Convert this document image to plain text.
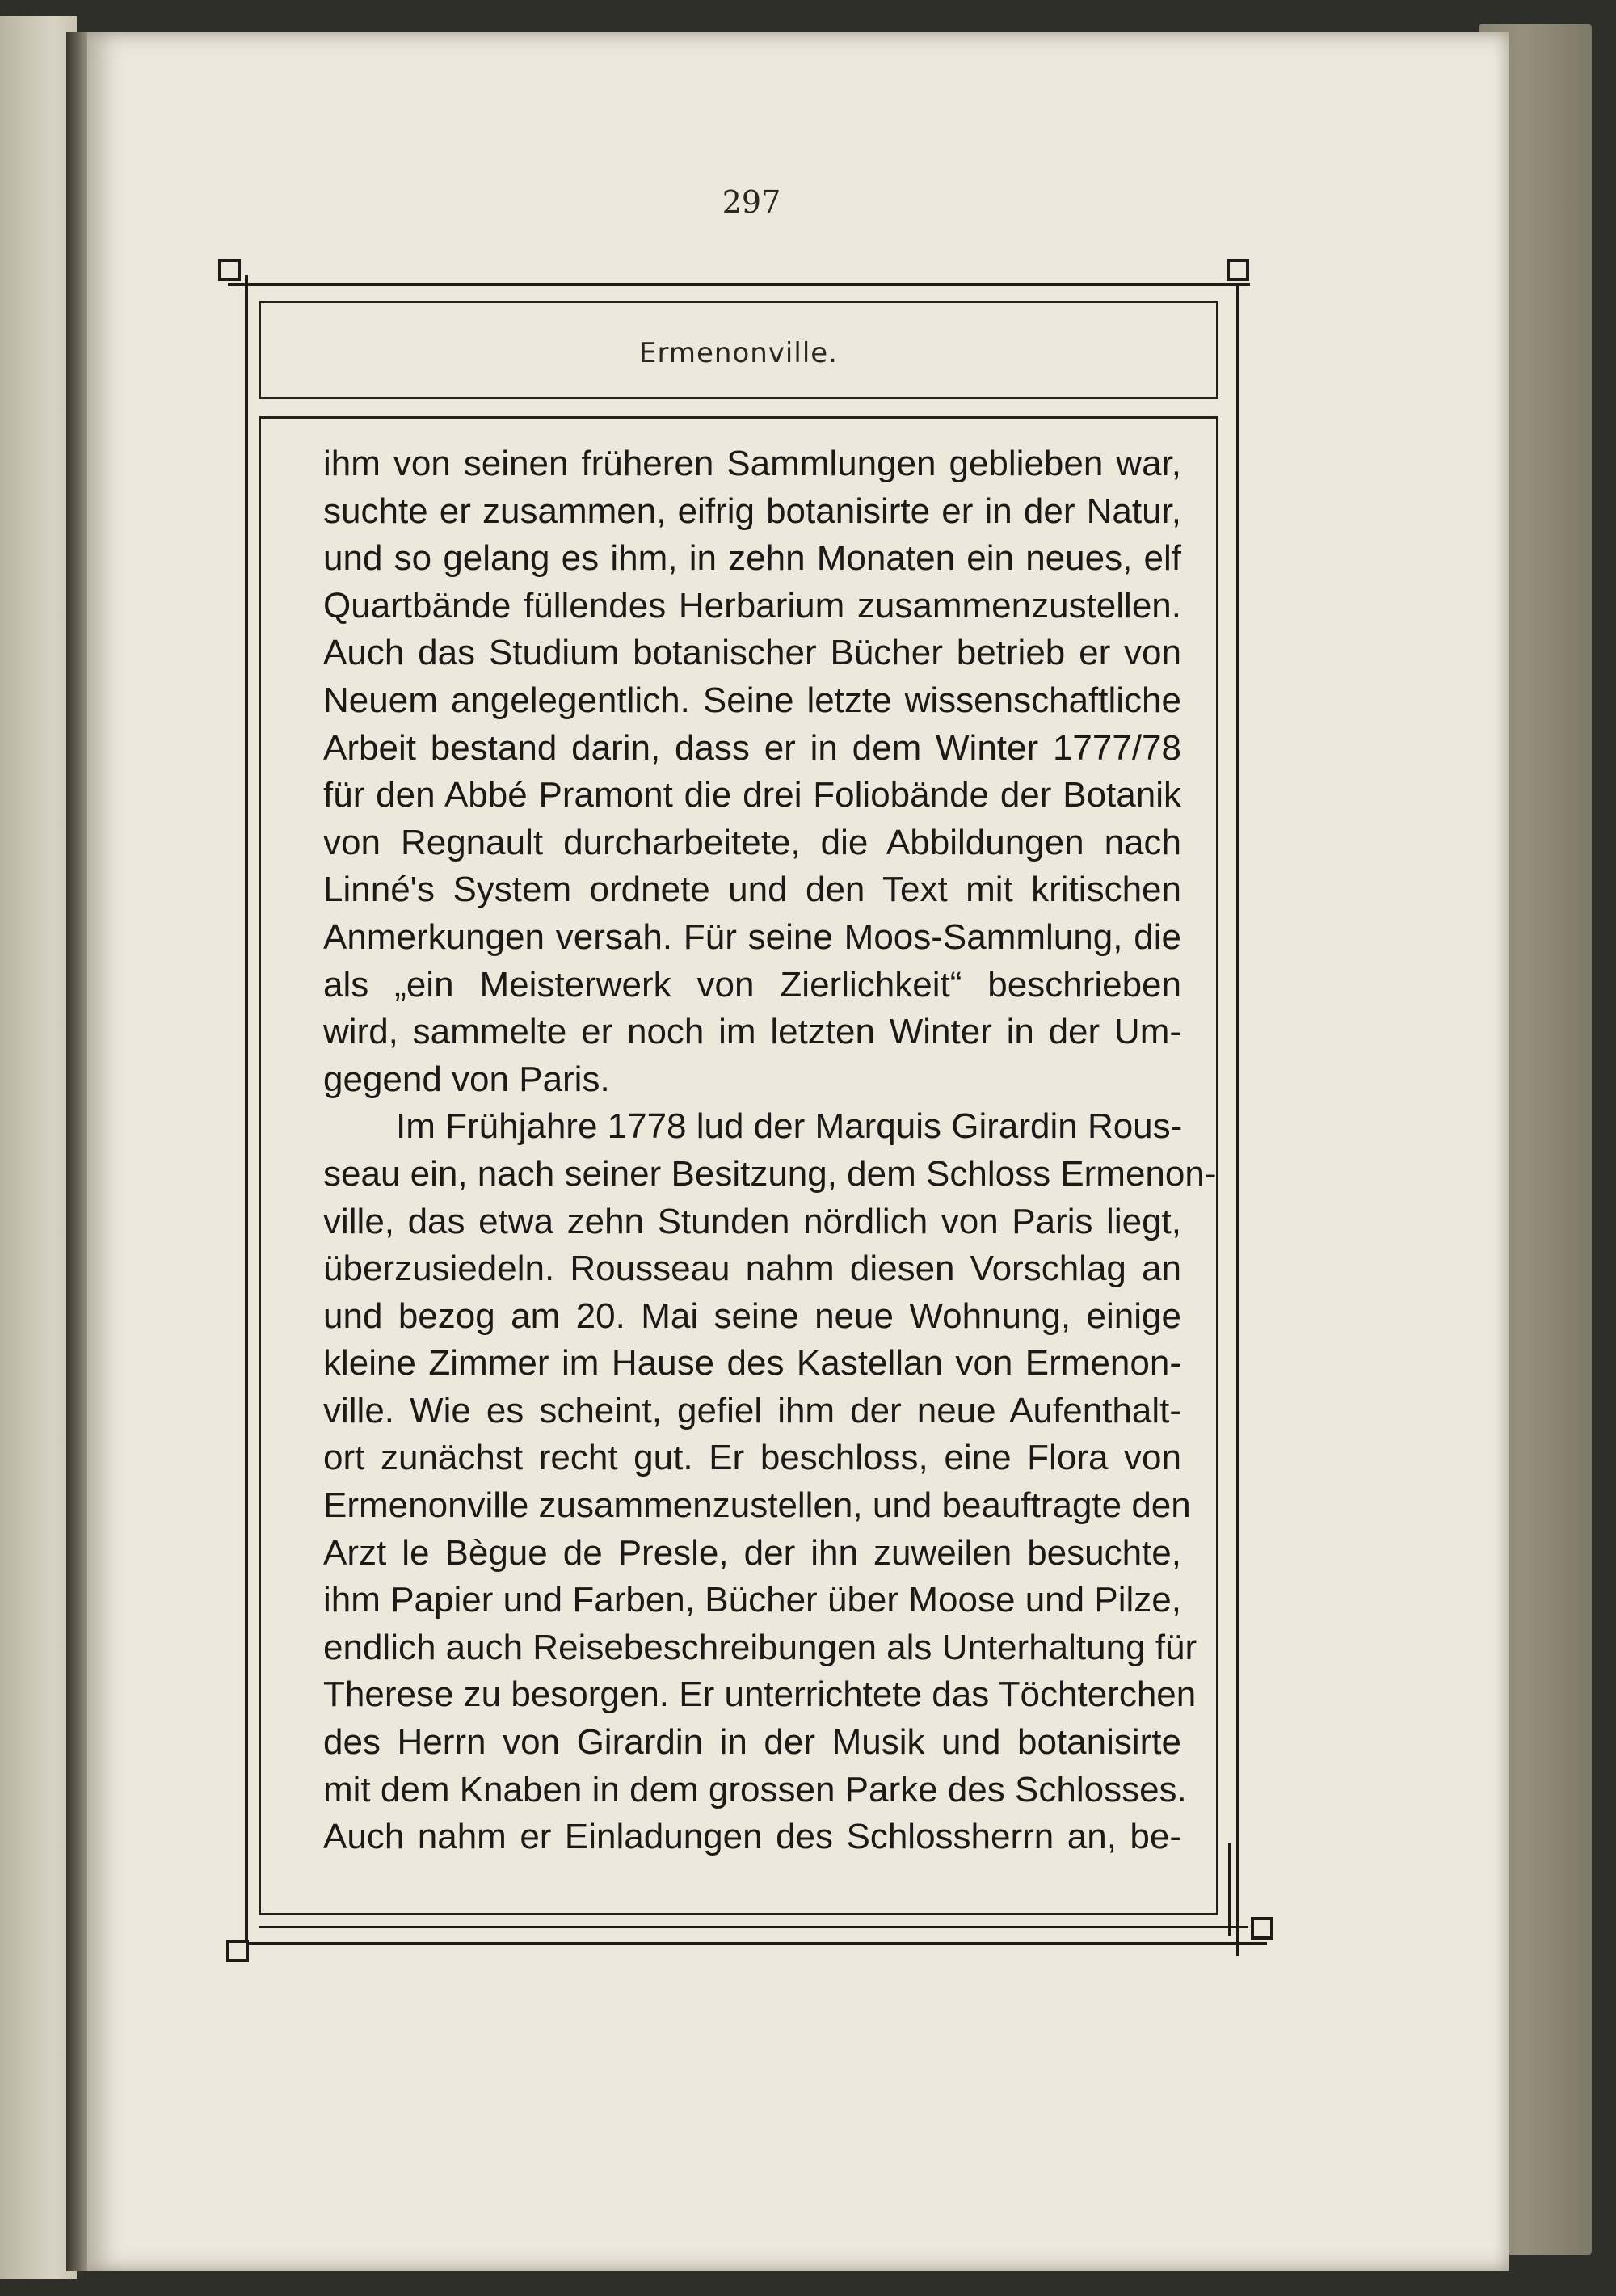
297
Ermenonville.
ihm von seinen früheren Sammlungen geblieben war,
suchte er zusammen, eifrig botanisirte er in der Natur,
und so gelang es ihm, in zehn Monaten ein neues, elf
Quartbände füllendes Herbarium zusammenzustellen.
Auch das Studium botanischer Bücher betrieb er von
Neuem angelegentlich. Seine letzte wissenschaftliche
Arbeit bestand darin, dass er in dem Winter 1777/78
für den Abbé Pramont die drei Foliobände der Botanik
von Regnault durcharbeitete, die Abbildungen nach
Linné's System ordnete und den Text mit kritischen
Anmerkungen versah. Für seine Moos-Sammlung, die
als „ein Meisterwerk von Zierlichkeit“ beschrieben
wird, sammelte er noch im letzten Winter in der Um-
gegend von Paris.
Im Frühjahre 1778 lud der Marquis Girardin Rous-
seau ein, nach seiner Besitzung, dem Schloss Ermenon-
ville, das etwa zehn Stunden nördlich von Paris liegt,
überzusiedeln. Rousseau nahm diesen Vorschlag an
und bezog am 20. Mai seine neue Wohnung, einige
kleine Zimmer im Hause des Kastellan von Ermenon-
ville. Wie es scheint, gefiel ihm der neue Aufenthalt-
ort zunächst recht gut. Er beschloss, eine Flora von
Ermenonville zusammenzustellen, und beauftragte den
Arzt le Bègue de Presle, der ihn zuweilen besuchte,
ihm Papier und Farben, Bücher über Moose und Pilze,
endlich auch Reisebeschreibungen als Unterhaltung für
Therese zu besorgen. Er unterrichtete das Töchterchen
des Herrn von Girardin in der Musik und botanisirte
mit dem Knaben in dem grossen Parke des Schlosses.
Auch nahm er Einladungen des Schlossherrn an, be-
